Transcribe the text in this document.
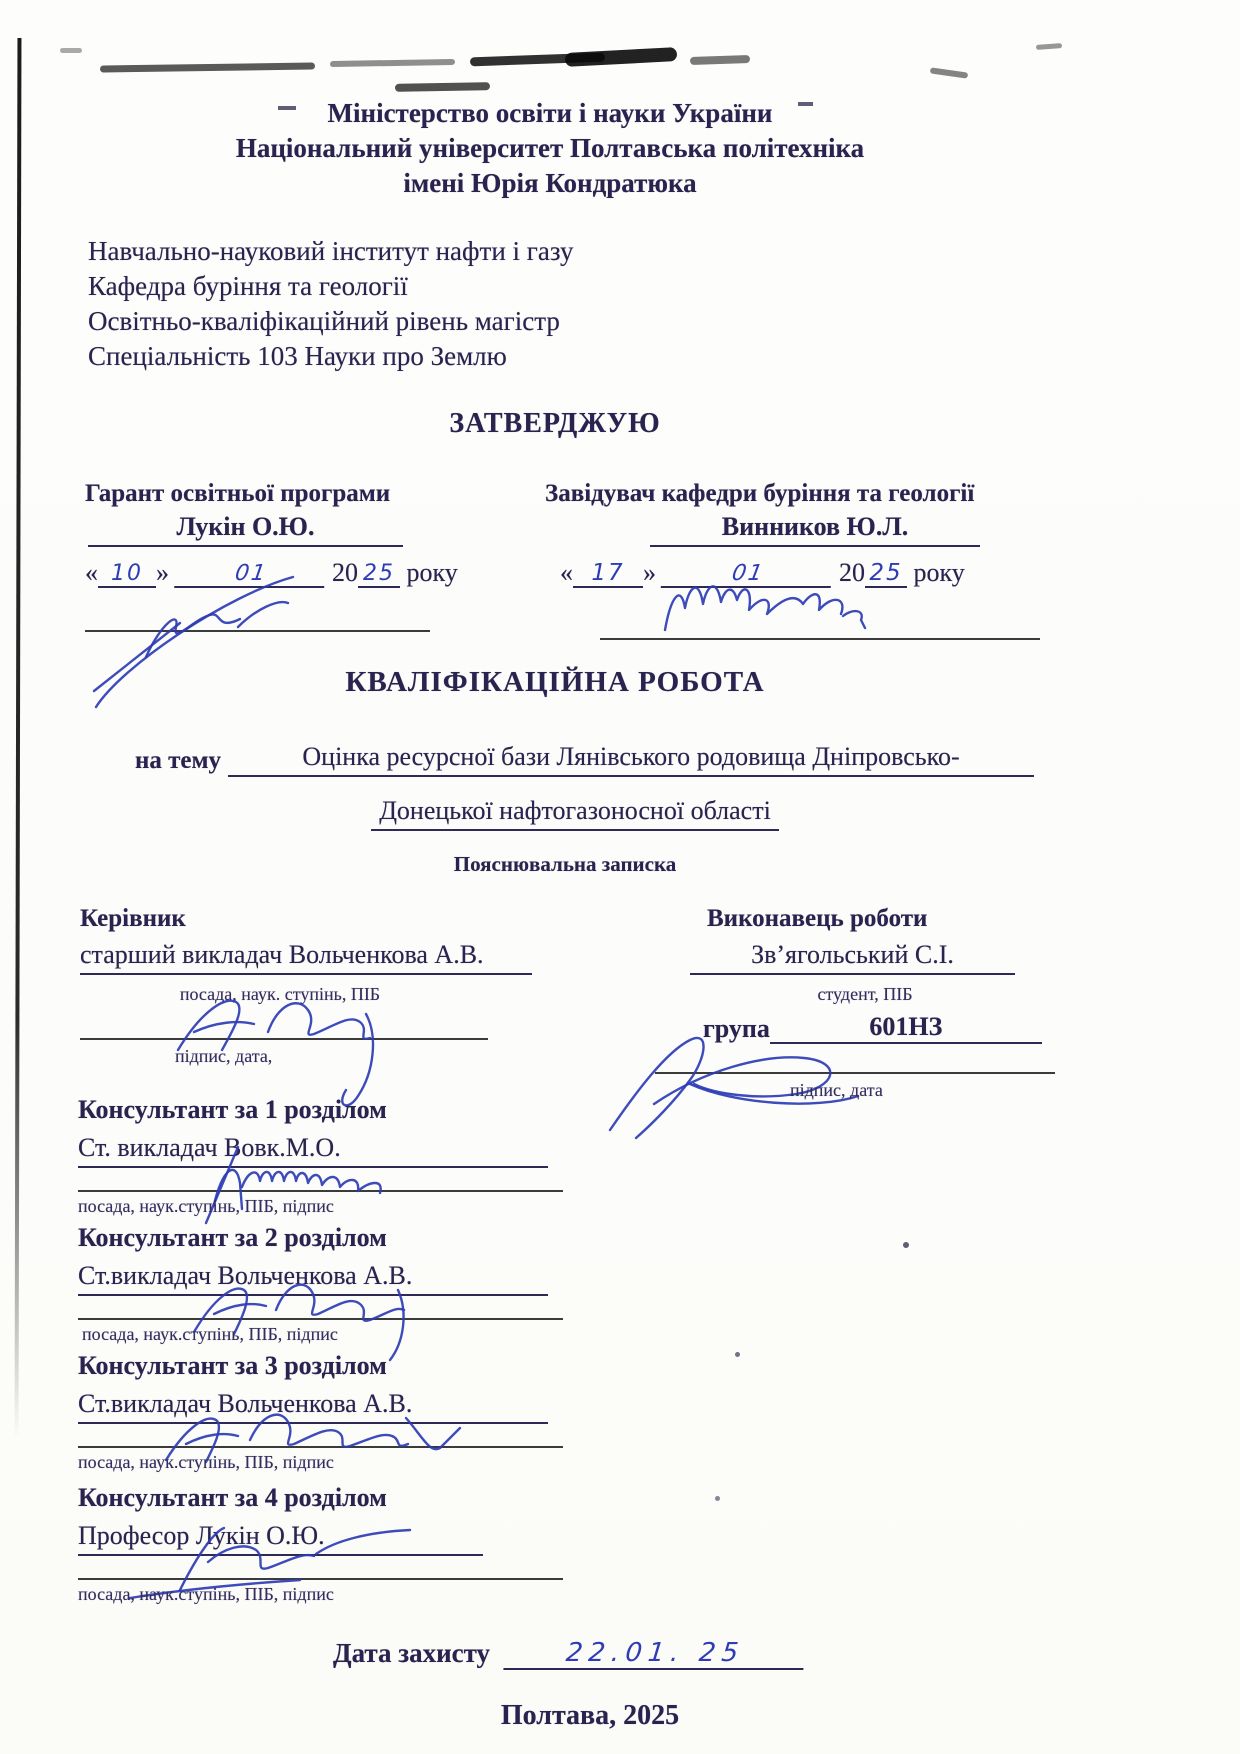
Міністерство освіти і науки України
Національний університет Полтавська політехніка
імені Юрія Кондратюка
Навчально-науковий інститут нафти і газу
Кафедра буріння та геології
Освітньо-кваліфікаційний рівень магістр
Спеціальність 103 Науки про Землю
ЗАТВЕРДЖУЮ
Гарант освітньої програми
Лукін О.Ю.
« 10 »	01 20 25 року
Завідувач кафедри буріння та геології
Винников Ю.Л.
« 17 »	01	20 25 року
КВАЛІФІКАЦІЙНА РОБОТА
на тему	Оцінка ресурсної бази Лянівського родовища Дніпровсько-
Донецької нафтогазоносної області
Пояснювальна записка
Керівник
старший викладач Вольченкова А.В.
посада, наук. ступінь, ПІБ
підпис, дата,
Виконавець роботи
Зв’ягольський С.І.
студент, ПІБ
група	601НЗ
підпис, дата
Консультант за 1 розділом
Ст. викладач Вовк.М.О.
посада, наук.ступінь, ПІБ, підпис
Консультант за 2 розділом
Ст.викладач Вольченкова А.В.
посада, наук.ступінь, ПІБ, підпис
Консультант за 3 розділом
Ст.викладач Вольченкова А.В.
посада, наук.ступінь, ПІБ, підпис
Консультант за 4 розділом
Професор Лукін О.Ю.
посада, наук.ступінь, ПІБ, підпис
Дата захисту	22.01. 25
Полтава, 2025
